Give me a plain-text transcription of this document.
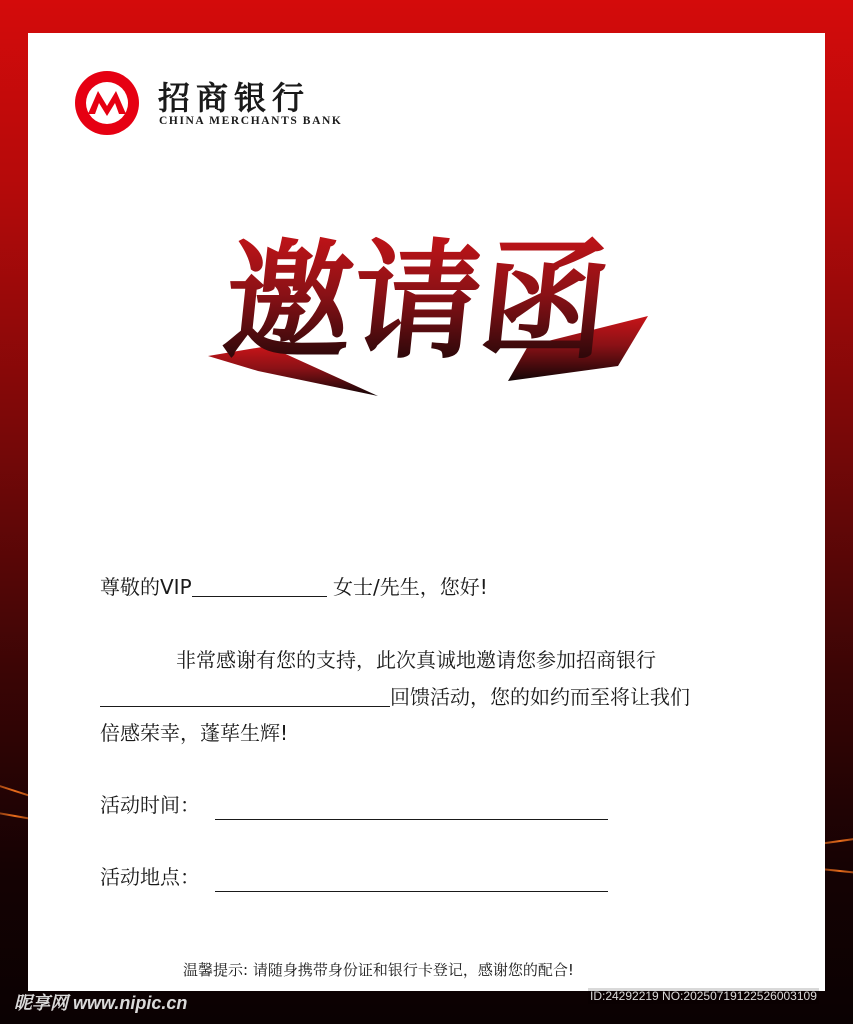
招商银行
CHINA MERCHANTS BANK
邀请函
尊敬的VIP	女士/先生，您好!
非常感谢有您的支持，此次真诚地邀请您参加招商银行
回馈活动，您的如约而至将让我们
倍感荣幸，蓬荜生辉!
活动时间：
活动地点：
温馨提示: 请随身携带身份证和银行卡登记，感谢您的配合!
昵享网 www.nipic.cn	ID:24292219 NO:20250719122526003109
